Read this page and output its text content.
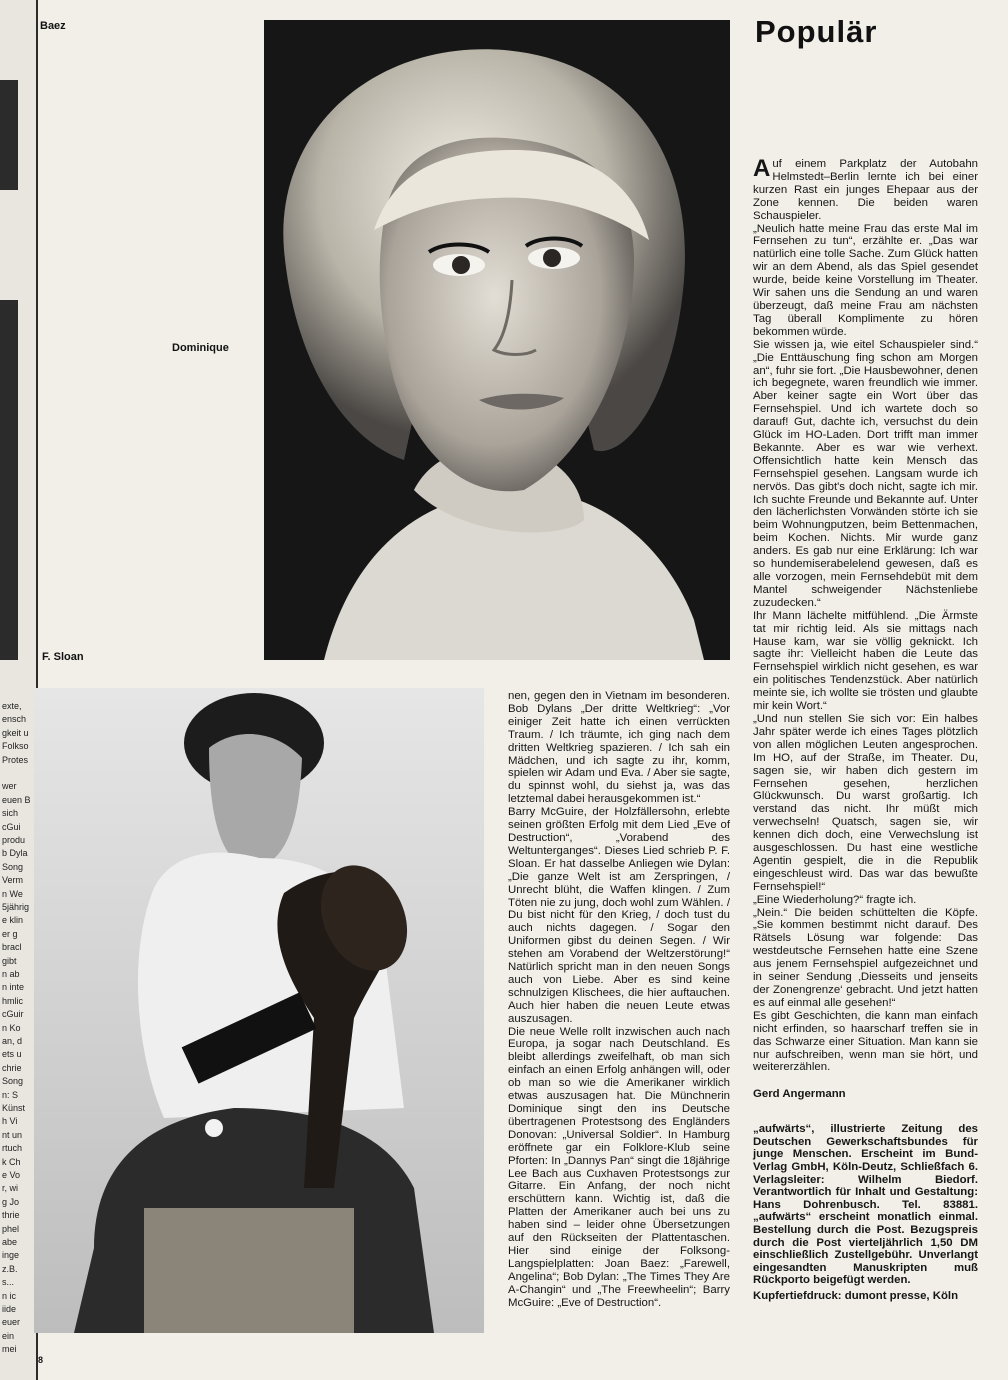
exte,
ensch
gkeit u
Folkso
Protes
wer
euen B
sich
cGui
produ
b Dyla
Song
Verm
n We
5jährig
e klin
er g
bracl
gibt
n ab
n inte
hmlic
cGuir
n Ko
an, d
ets u
chrie
Song
n: S
Künst
h Vi
nt un
rtuch
k Ch
e Vo
r, wi
g Jo
thrie
phel
abe
inge
z.B.
s...
n ic
iide
euer
ein
mei
Baez
F. Sloan
Dominique
Populär

nen, gegen den in Vietnam im besonderen. Bob Dylans „Der dritte Weltkrieg“: „Vor einiger Zeit hatte ich einen verrückten Traum. / Ich träumte, ich ging nach dem dritten Weltkrieg spazieren. / Ich sah ein Mädchen, und ich sagte zu ihr, komm, spielen wir Adam und Eva. / Aber sie sagte, du spinnst wohl, du siehst ja, was das letztemal dabei herausgekommen ist.“

Barry McGuire, der Holzfällersohn, erlebte seinen größten Erfolg mit dem Lied „Eve of Destruction“, „Vorabend des Weltunterganges“. Dieses Lied schrieb P. F. Sloan. Er hat dasselbe Anliegen wie Dylan: „Die ganze Welt ist am Zerspringen, / Unrecht blüht, die Waffen klingen. / Zum Töten nie zu jung, doch wohl zum Wählen. / Du bist nicht für den Krieg, / doch tust du auch nichts dagegen. / Sogar den Uniformen gibst du deinen Segen. / Wir stehen am Vorabend der Weltzerstörung!“ Natürlich spricht man in den neuen Songs auch von Liebe. Aber es sind keine schnulzigen Klischees, die hier auftauchen. Auch hier haben die neuen Leute etwas auszusagen.

Die neue Welle rollt inzwischen auch nach Europa, ja sogar nach Deutschland. Es bleibt allerdings zweifelhaft, ob man sich einfach an einen Erfolg anhängen will, oder ob man so wie die Amerikaner wirklich etwas auszusagen hat. Die Münchnerin Dominique singt den ins Deutsche übertragenen Protestsong des Engländers Donovan: „Universal Soldier“. In Hamburg eröffnete gar ein Folklore-Klub seine Pforten: In „Dannys Pan“ singt die 18jährige Lee Bach aus Cuxhaven Protestsongs zur Gitarre. Ein Anfang, der noch nicht erschüttern kann. Wichtig ist, daß die Platten der Amerikaner auch bei uns zu haben sind – leider ohne Übersetzungen auf den Rückseiten der Plattentaschen. Hier sind einige der Folksong-Langspielplatten: Joan Baez: „Farewell, Angelina“; Bob Dylan: „The Times They Are A-Changin“ und „The Freewheelin“; Barry McGuire: „Eve of Destruction“.

Auf einem Parkplatz der Autobahn Helmstedt–Berlin lernte ich bei einer kurzen Rast ein junges Ehepaar aus der Zone kennen. Die beiden waren Schauspieler.

„Neulich hatte meine Frau das erste Mal im Fernsehen zu tun“, erzählte er. „Das war natürlich eine tolle Sache. Zum Glück hatten wir an dem Abend, als das Spiel gesendet wurde, beide keine Vorstellung im Theater. Wir sahen uns die Sendung an und waren überzeugt, daß meine Frau am nächsten Tag überall Komplimente zu hören bekommen würde.

Sie wissen ja, wie eitel Schauspieler sind.“ „Die Enttäuschung fing schon am Morgen an“, fuhr sie fort. „Die Hausbewohner, denen ich begegnete, waren freundlich wie immer. Aber keiner sagte ein Wort über das Fernsehspiel. Und ich wartete doch so darauf! Gut, dachte ich, versuchst du dein Glück im HO-Laden. Dort trifft man immer Bekannte. Aber es war wie verhext. Offensichtlich hatte kein Mensch das Fernsehspiel gesehen. Langsam wurde ich nervös. Das gibt's doch nicht, sagte ich mir. Ich suchte Freunde und Bekannte auf. Unter den lächerlichsten Vorwänden störte ich sie beim Wohnungputzen, beim Bettenmachen, beim Kochen. Nichts. Mir wurde ganz anders. Es gab nur eine Erklärung: Ich war so hundemiserabelelend gewesen, daß es alle vorzogen, mein Fernsehdebüt mit dem Mantel schweigender Nächstenliebe zuzudecken.“

Ihr Mann lächelte mitfühlend. „Die Ärmste tat mir richtig leid. Als sie mittags nach Hause kam, war sie völlig geknickt. Ich sagte ihr: Vielleicht haben die Leute das Fernsehspiel wirklich nicht gesehen, es war ein politisches Tendenzstück. Aber natürlich meinte sie, ich wollte sie trösten und glaubte mir kein Wort.“

„Und nun stellen Sie sich vor: Ein halbes Jahr später werde ich eines Tages plötzlich von allen möglichen Leuten angesprochen. Im HO, auf der Straße, im Theater. Du, sagen sie, wir haben dich gestern im Fernsehen gesehen, herzlichen Glückwunsch. Du warst großartig. Ich verstand das nicht. Ihr müßt mich verwechseln! Quatsch, sagen sie, wir kennen dich doch, eine Verwechslung ist ausgeschlossen. Du hast eine westliche Agentin gespielt, die in die Republik eingeschleust wird. Das war das bewußte Fernsehspiel!“

„Eine Wiederholung?“ fragte ich.

„Nein.“ Die beiden schüttelten die Köpfe. „Sie kommen bestimmt nicht darauf. Des Rätsels Lösung war folgende: Das westdeutsche Fernsehen hatte eine Szene aus jenem Fernsehspiel aufgezeichnet und in seiner Sendung ‚Diesseits und jenseits der Zonengrenze‘ gebracht. Und jetzt hatten es auf einmal alle gesehen!“

Es gibt Geschichten, die kann man einfach nicht erfinden, so haarscharf treffen sie in das Schwarze einer Situation. Man kann sie nur aufschreiben, wenn man sie hört, und weitererzählen.

Gerd Angermann

„aufwärts“, illustrierte Zeitung des Deutschen Gewerkschaftsbundes für junge Menschen. Erscheint im Bund-Verlag GmbH, Köln-Deutz, Schließfach 6. Verlagsleiter: Wilhelm Biedorf. Verantwortlich für Inhalt und Gestaltung: Hans Dohrenbusch. Tel. 83881. „aufwärts“ erscheint monatlich einmal. Bestellung durch die Post. Bezugspreis durch die Post vierteljährlich 1,50 DM einschließlich Zustellgebühr. Unverlangt eingesandten Manuskripten muß Rückporto beigefügt werden.

Kupfertiefdruck: dumont presse, Köln

8
